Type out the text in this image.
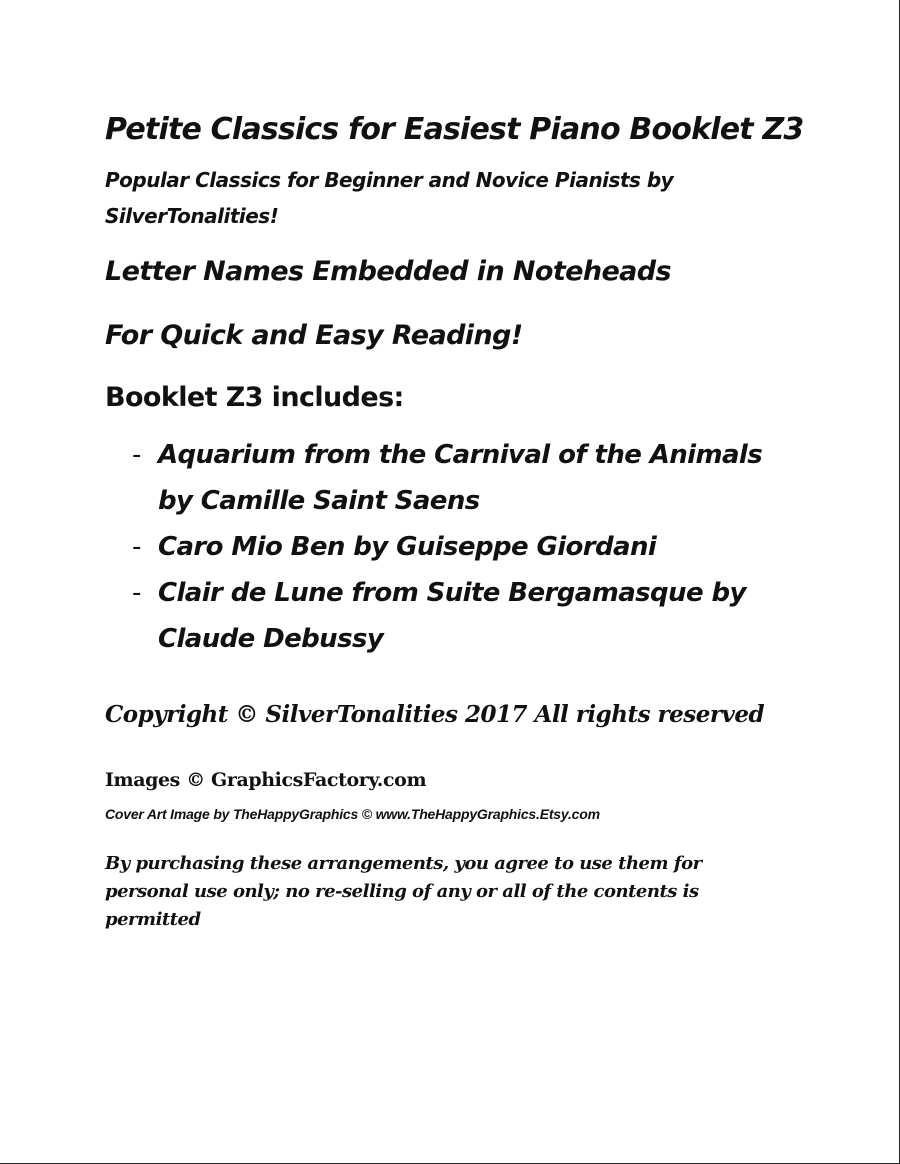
Petite Classics for Easiest Piano Booklet Z3

Popular Classics for Beginner and Novice Pianists by SilverTonalities!

Letter Names Embedded in Noteheads
For Quick and Easy Reading!
Booklet Z3 includes:
- Aquarium from the Carnival of the Animals by Camille Saint Saens
- Caro Mio Ben by Guiseppe Giordani
- Clair de Lune from Suite Bergamasque by Claude Debussy

Copyright © SilverTonalities 2017 All rights reserved

Images © GraphicsFactory.com

Cover Art Image by TheHappyGraphics © www.TheHappyGraphics.Etsy.com

By purchasing these arrangements, you agree to use them for personal use only; no re-selling of any or all of the contents is permitted
